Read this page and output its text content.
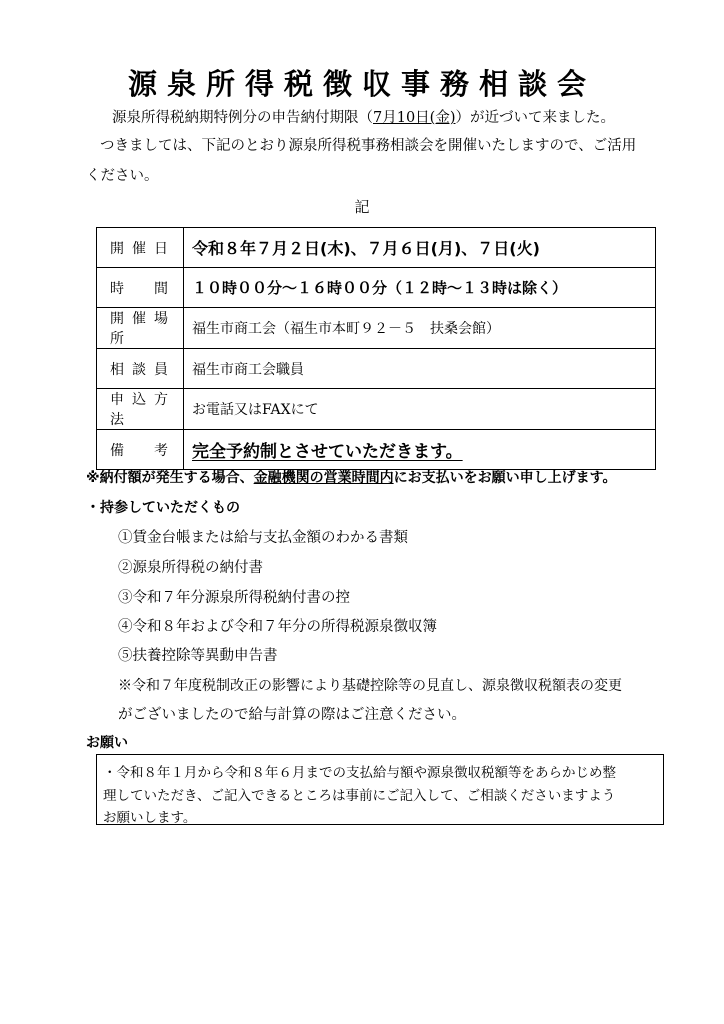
源泉所得税徴収事務相談会
源泉所得税納期特例分の申告納付期限（7月10日(金)）が近づいて来ました。
つきましては、下記のとおり源泉所得税事務相談会を開催いたしますので、ご活用
ください。
記
開催日	令和８年７月２日(木)、７月６日(月)、７日(火)
時間	１０時００分～１６時００分（１２時～１３時は除く）
開催場所	福生市商工会（福生市本町９２－５　扶桑会館）
相談員	福生市商工会職員
申込方法	お電話又はFAXにて
備考	完全予約制とさせていただきます。
※納付額が発生する場合、金融機関の営業時間内にお支払いをお願い申し上げます。
・持参していただくもの
①賃金台帳または給与支払金額のわかる書類
②源泉所得税の納付書
③令和７年分源泉所得税納付書の控
④令和８年および令和７年分の所得税源泉徴収簿
⑤扶養控除等異動申告書
※令和７年度税制改正の影響により基礎控除等の見直し、源泉徴収税額表の変更
がございましたので給与計算の際はご注意ください。
お願い
・令和８年１月から令和８年６月までの支払給与額や源泉徴収税額等をあらかじめ整
理していただき、ご記入できるところは事前にご記入して、ご相談くださいますよう
お願いします。
